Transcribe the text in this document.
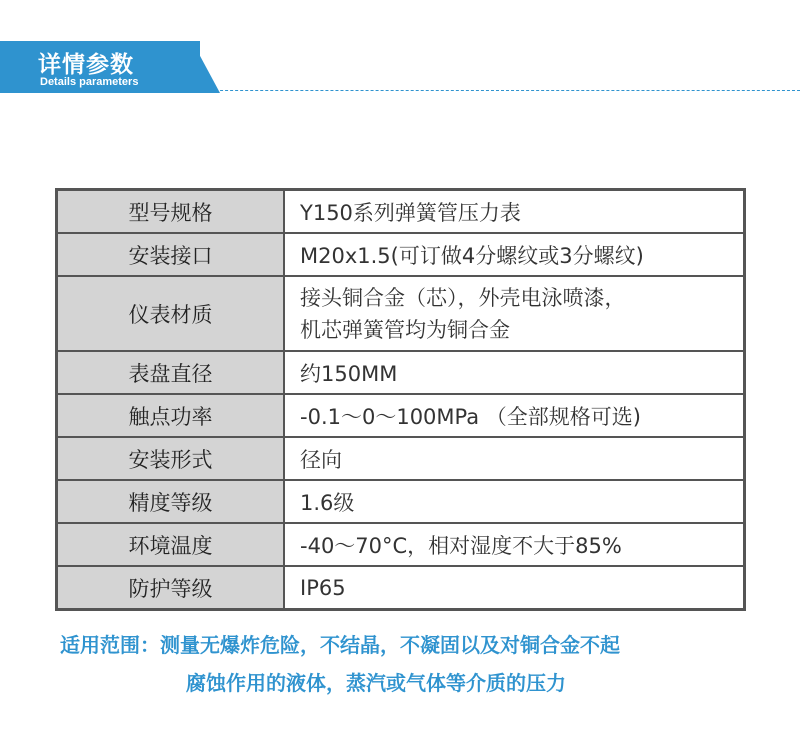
详情参数
Details parameters
型号规格	Y150系列弹簧管压力表
安装接口	M20x1.5(可订做4分螺纹或3分螺纹)
仪表材质	接头铜合金（芯），外壳电泳喷漆，
机芯弹簧管均为铜合金

表盘直径	约150MM
触点功率	-0.1～0～100MPa （全部规格可选)
安装形式	径向
精度等级	1.6级
环境温度	-40～70°C，相对湿度不大于85%
防护等级	IP65
适用范围：测量无爆炸危险，不结晶，不凝固以及对铜合金不起
腐蚀作用的液体，蒸汽或气体等介质的压力
